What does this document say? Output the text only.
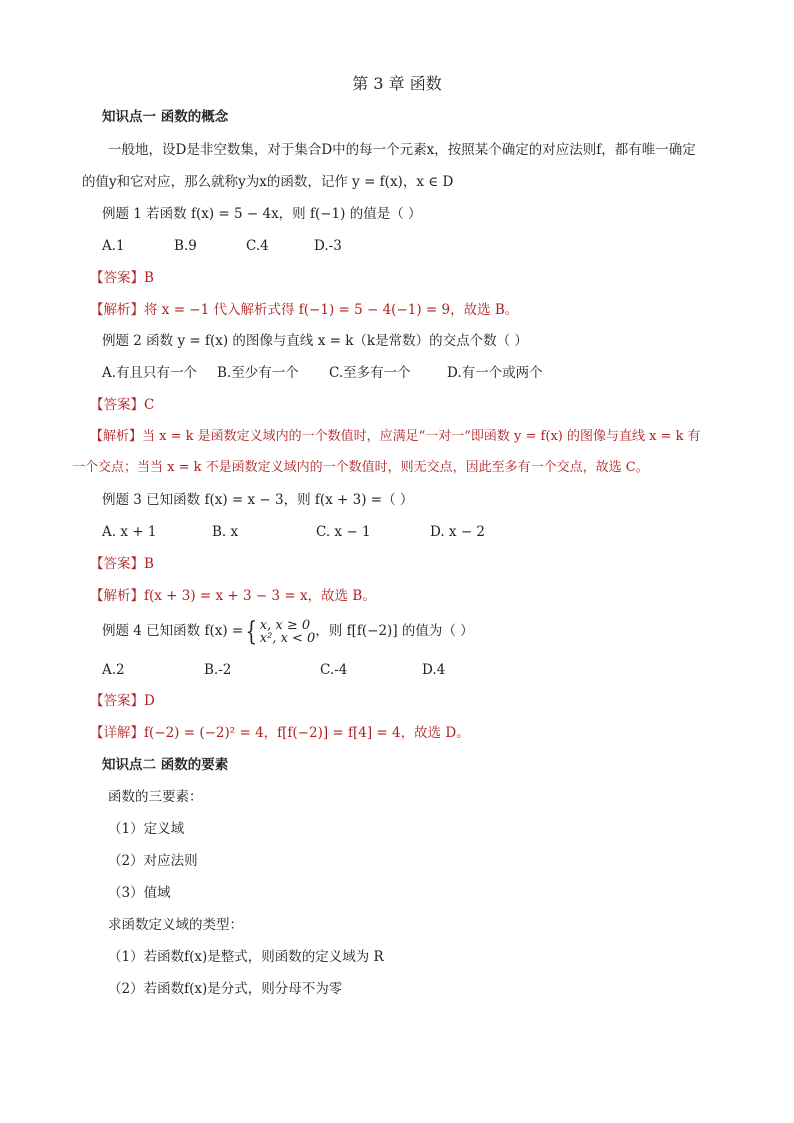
第 3 章 函数
知识点一 函数的概念
一般地，设D是非空数集，对于集合D中的每一个元素x，按照某个确定的对应法则f，都有唯一确定
的值y和它对应，那么就称y为x的函数，记作 y = f(x)，x ∈ D
例题 1 若函数 f(x) = 5 − 4x，则 f(−1) 的值是（ ）
A.1	B.9	C.4	D.-3
【答案】B
【解析】将 x = −1 代入解析式得 f(−1) = 5 − 4(−1) = 9，故选 B。
例题 2 函数 y = f(x) 的图像与直线 x = k（k是常数）的交点个数（ ）
A.有且只有一个 B.至少有一个 C.至多有一个	D.有一个或两个
【答案】C
【解析】当 x = k 是函数定义域内的一个数值时，应满足“一对一”即函数 y = f(x) 的图像与直线 x = k 有
一个交点；当当 x = k 不是函数定义域内的一个数值时，则无交点，因此至多有一个交点，故选 C。
例题 3 已知函数 f(x) = x − 3，则 f(x + 3) =（ ）
A. x + 1	B. x	C. x − 1	D. x − 2
【答案】B
【解析】f(x + 3) = x + 3 − 3 = x，故选 B。
例题 4 已知函数 f(x) ={ x, x ≥ 0
x², x < 0 ，则 f[f(−2)] 的值为（ ）
A.2	B.-2	C.-4	D.4
【答案】D
【详解】f(−2) = (−2)² = 4，f[f(−2)] = f[4] = 4，故选 D。
知识点二 函数的要素
函数的三要素：
（1）定义域
（2）对应法则
（3）值域
求函数定义域的类型：
（1）若函数f(x)是整式，则函数的定义域为 R
（2）若函数f(x)是分式，则分母不为零
